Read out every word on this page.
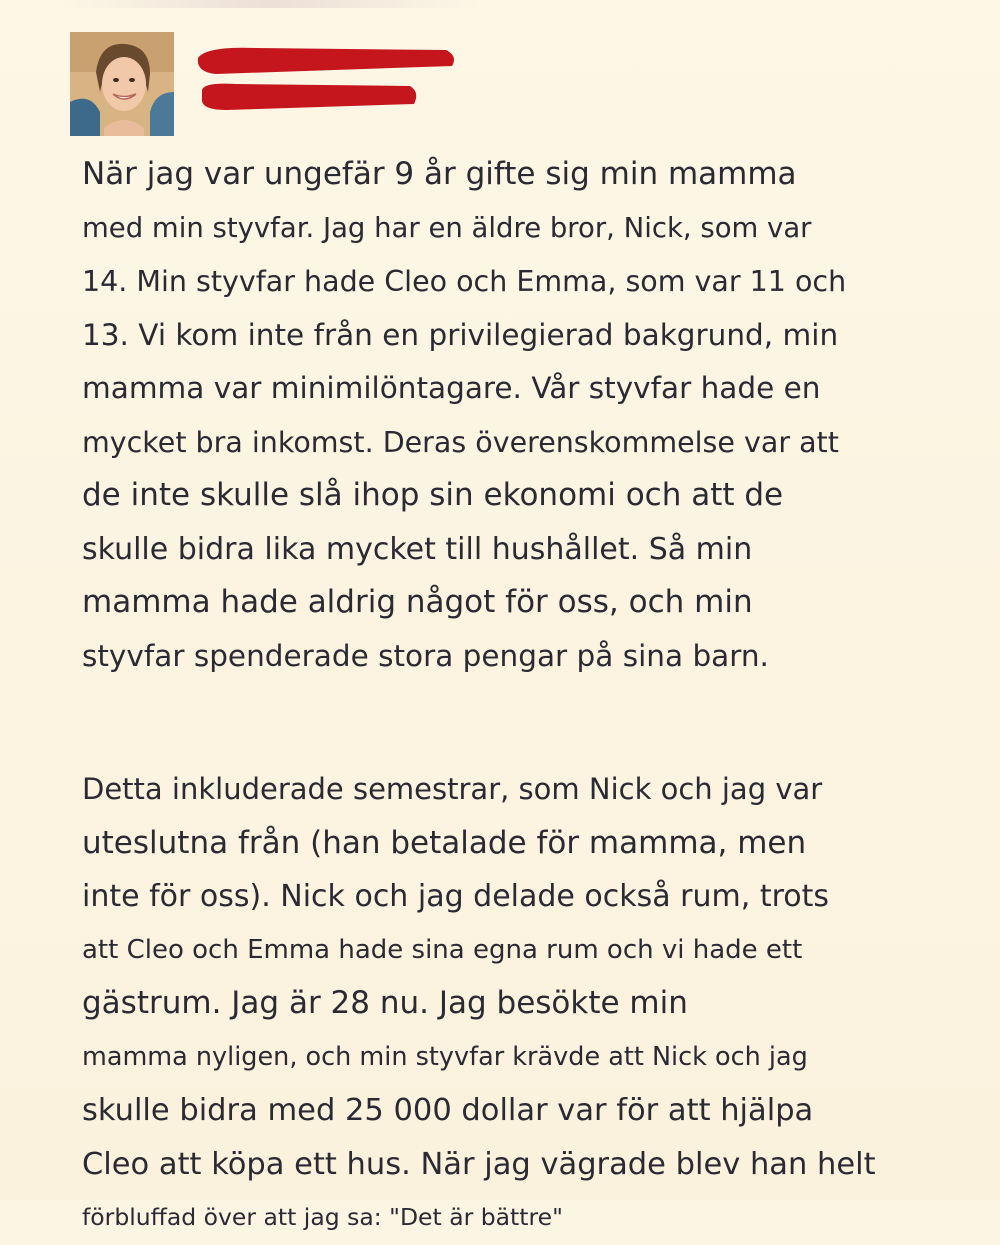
När jag var ungefär 9 år gifte sig min mamma
med min styvfar. Jag har en äldre bror, Nick, som var
14. Min styvfar hade Cleo och Emma, som var 11 och
13. Vi kom inte från en privilegierad bakgrund, min
mamma var minimilöntagare. Vår styvfar hade en
mycket bra inkomst. Deras överenskommelse var att
de inte skulle slå ihop sin ekonomi och att de
skulle bidra lika mycket till hushållet. Så min
mamma hade aldrig något för oss, och min
styvfar spenderade stora pengar på sina barn.
Detta inkluderade semestrar, som Nick och jag var
uteslutna från (han betalade för mamma, men
inte för oss). Nick och jag delade också rum, trots
att Cleo och Emma hade sina egna rum och vi hade ett
gästrum. Jag är 28 nu. Jag besökte min
mamma nyligen, och min styvfar krävde att Nick och jag
skulle bidra med 25 000 dollar var för att hjälpa
Cleo att köpa ett hus. När jag vägrade blev han helt
förbluffad över att jag sa: "Det är bättre"
